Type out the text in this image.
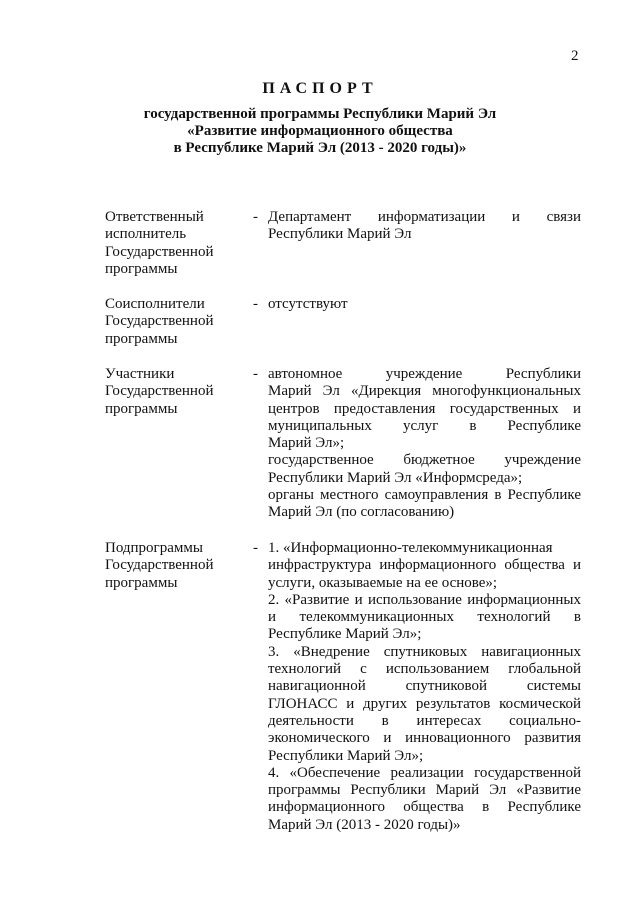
2
ПАСПОРТ
государственной программы Республики Марий Эл
«Развитие информационного общества
в Республике Марий Эл (2013 - 2020 годы)»
Ответственный
исполнитель
Государственной
программы
- Департамент информатизации и связи
Республики Марий Эл
Соисполнители
Государственной
программы
- отсутствуют
Участники
Государственной
программы
- автономное учреждение Республики
Марий Эл «Дирекция многофункциональных
центров предоставления государственных и
муниципальных услуг в Республике
Марий Эл»;
государственное бюджетное учреждение
Республики Марий Эл «Информсреда»;
органы местного самоуправления в Республике
Марий Эл (по согласованию)
Подпрограммы
Государственной
программы
- 1. «Информационно-телекоммуникационная
инфраструктура информационного общества и
услуги, оказываемые на ее основе»;
2. «Развитие и использование информационных
и телекоммуникационных технологий в
Республике Марий Эл»;
3. «Внедрение спутниковых навигационных
технологий с использованием глобальной
навигационной спутниковой системы
ГЛОНАСС и других результатов космической
деятельности в интересах социально-
экономического и инновационного развития
Республики Марий Эл»;
4. «Обеспечение реализации государственной
программы Республики Марий Эл «Развитие
информационного общества в Республике
Марий Эл (2013 - 2020 годы)»
